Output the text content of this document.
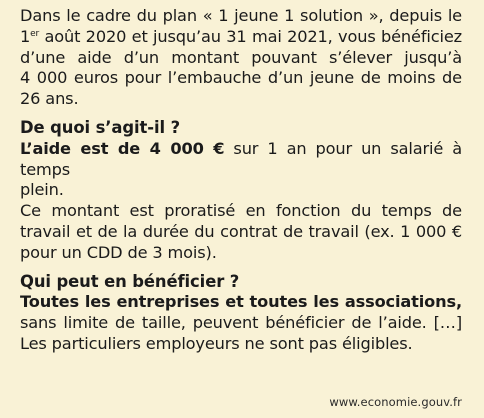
Dans le cadre du plan « 1 jeune 1 solution », depuis le
1er août 2020 et jusqu’au 31 mai 2021, vous bénéficiez
d’une aide d’un montant pouvant s’élever jusqu’à
4 000 euros pour l’embauche d’un jeune de moins de
26 ans.

De quoi s’agit-il ?

L’aide est de 4 000 € sur 1 an pour un salarié à temps
plein.
Ce montant est proratisé en fonction du temps de
travail et de la durée du contrat de travail (ex. 1 000 €
pour un CDD de 3 mois).

Qui peut en bénéficier ?

Toutes les entreprises et toutes les associations,
sans limite de taille, peuvent bénéficier de l’aide. […]
Les particuliers employeurs ne sont pas éligibles.

www.economie.gouv.fr
